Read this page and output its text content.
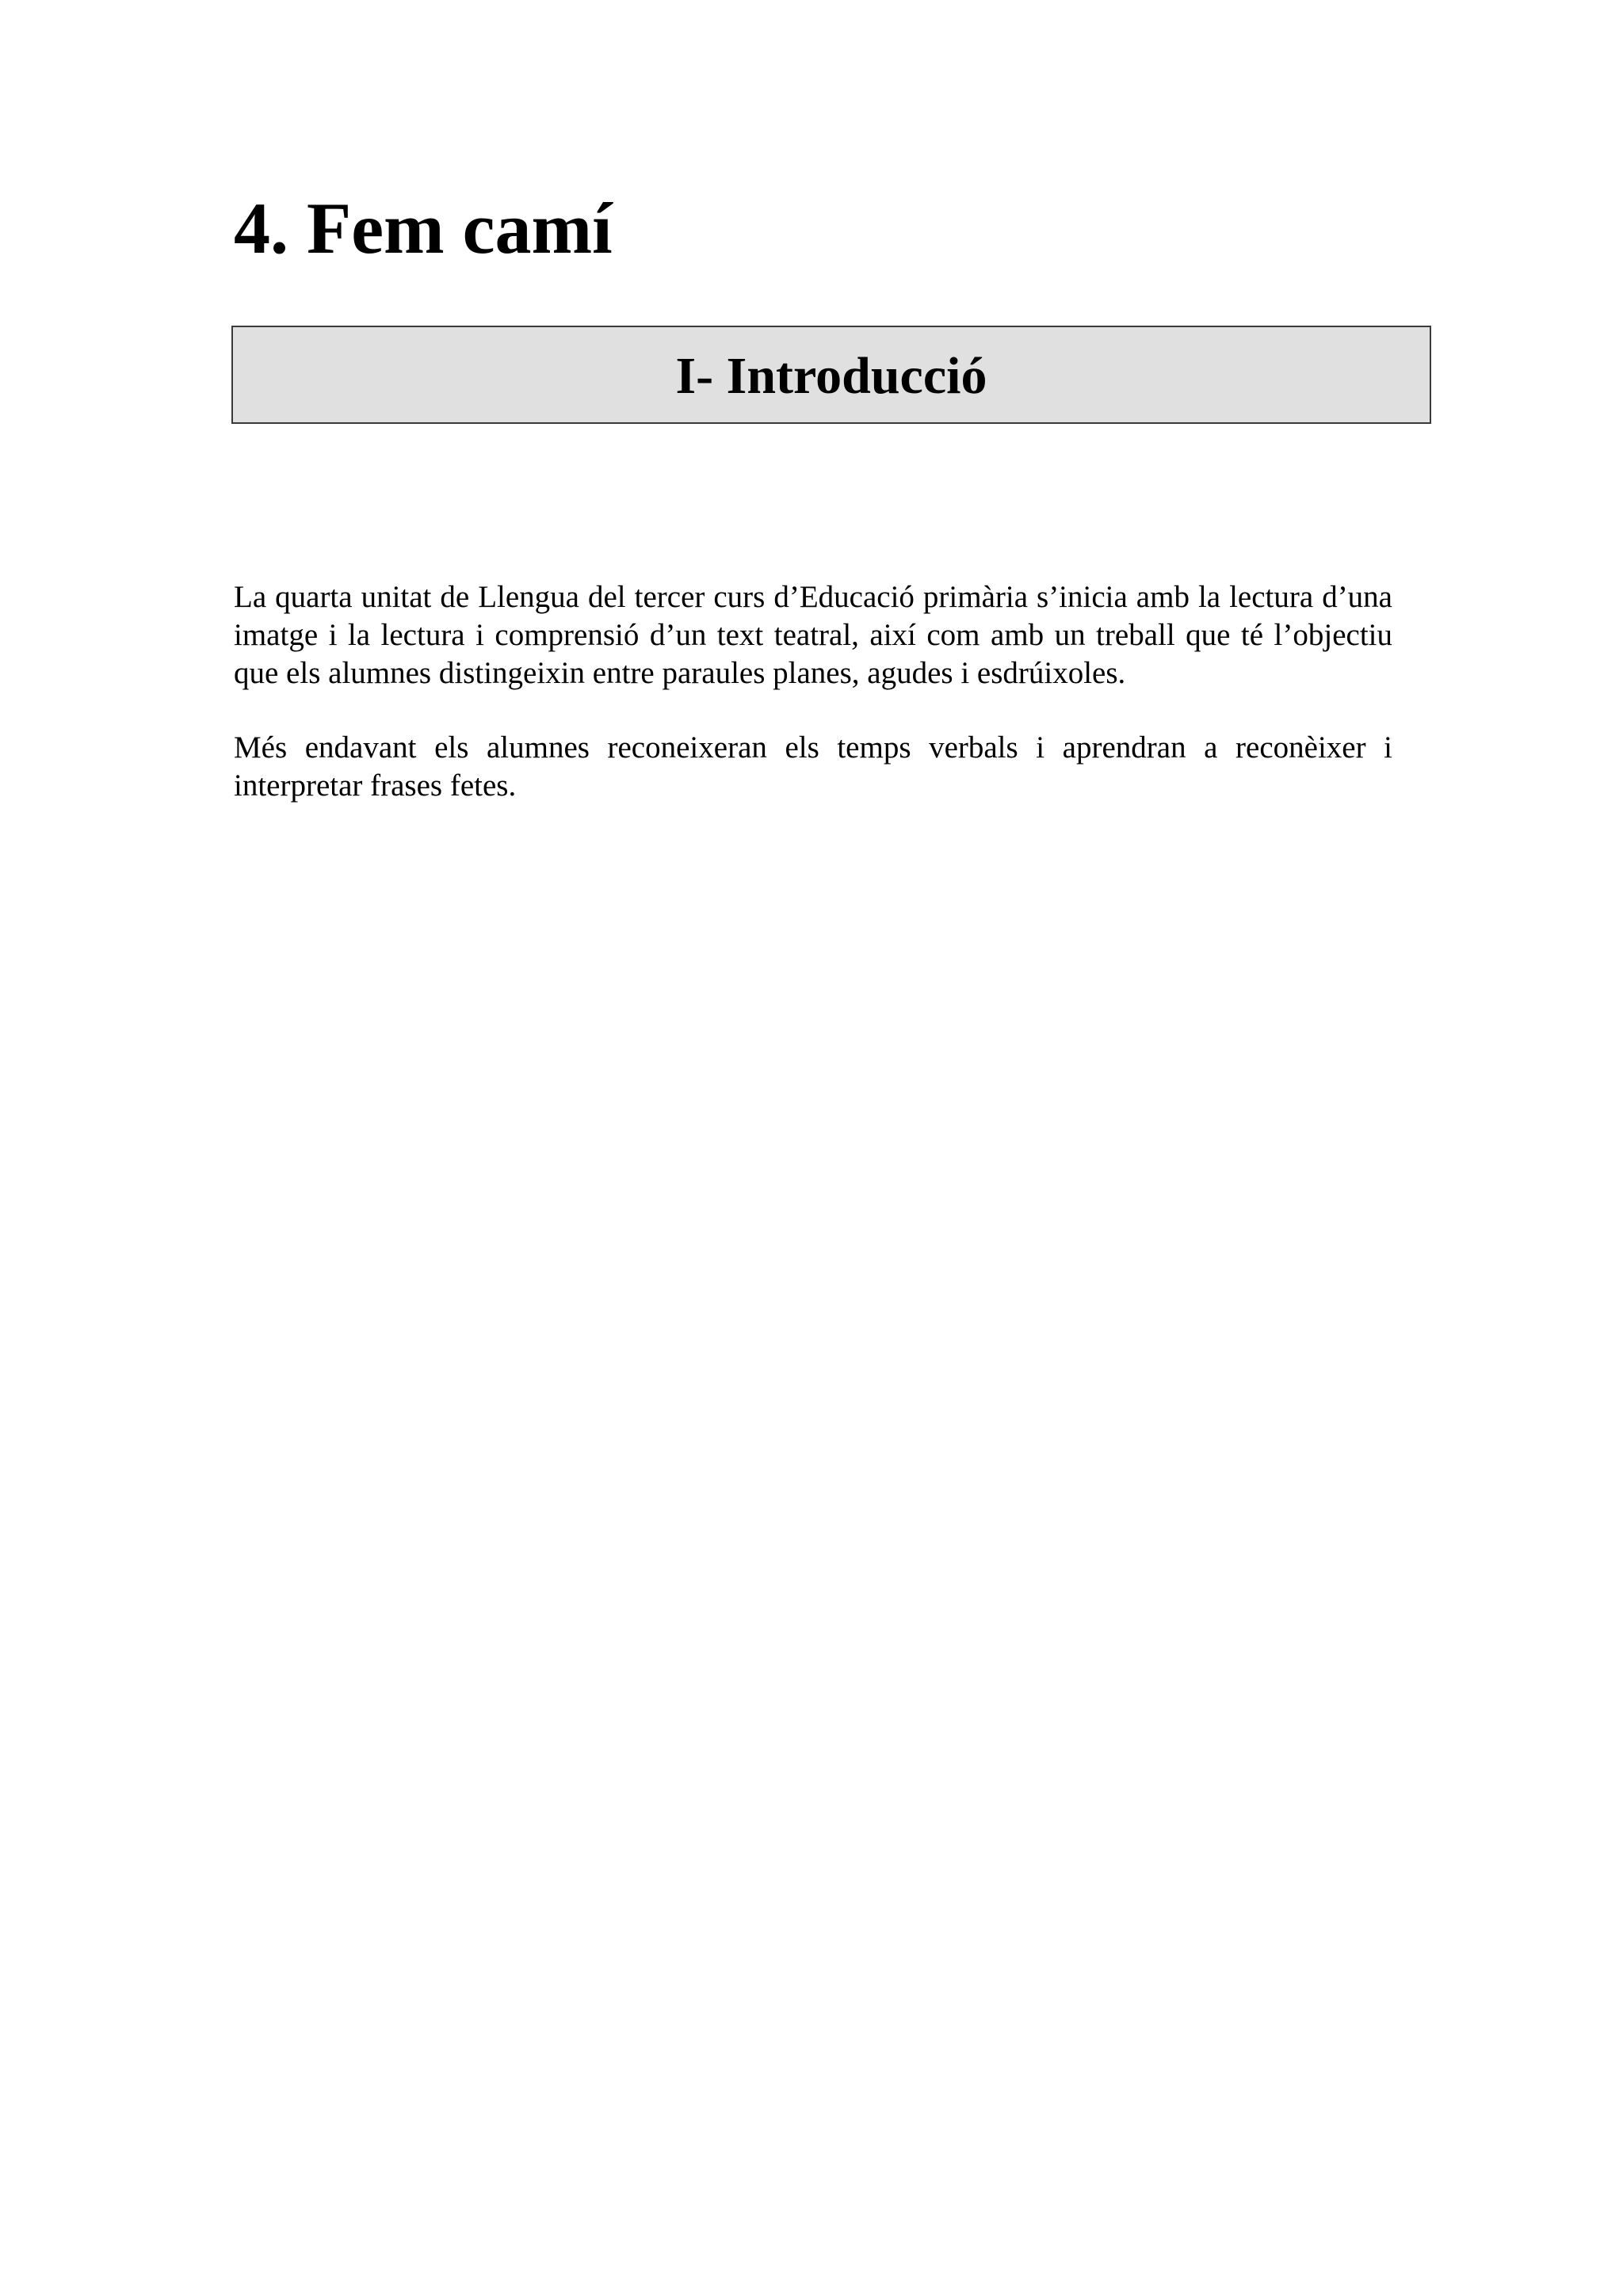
4. Fem camí
I- Introducció

La quarta unitat de Llengua del tercer curs d’Educació primària s’inicia amb la lectura d’una imatge i la lectura i comprensió d’un text teatral, així com amb un treball que té l’objectiu que els alumnes distingeixin entre paraules planes, agudes i esdrúixoles.

Més endavant els alumnes reconeixeran els temps verbals i aprendran a reconèixer i interpretar frases fetes.
